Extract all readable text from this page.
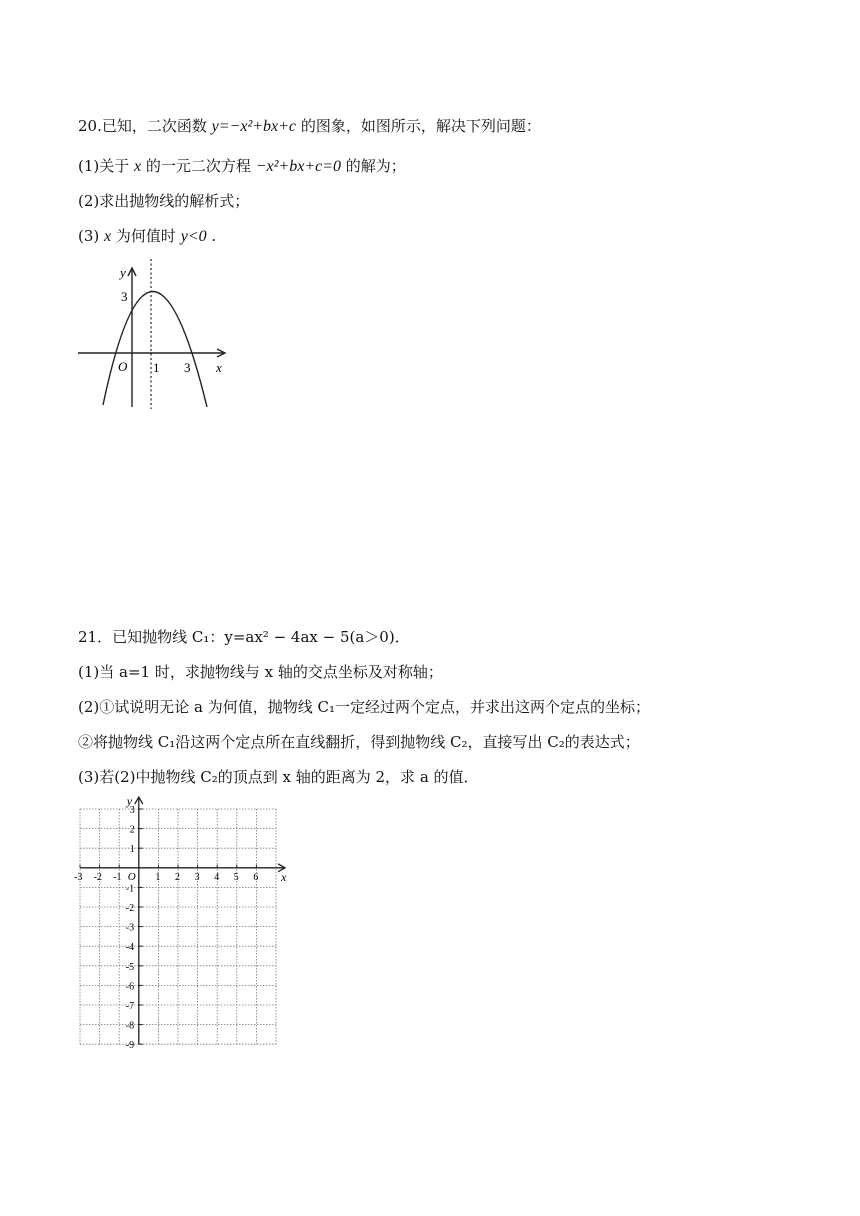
20.已知，二次函数 y=−x²+bx+c 的图象，如图所示，解决下列问题：
(1)关于 x 的一元二次方程 −x²+bx+c=0 的解为；
(2)求出抛物线的解析式；
(3) x 为何值时 y<0 .
y
3
O 1 3 x
21．已知抛物线 C₁：y=ax² − 4ax − 5(a＞0)．
(1)当 a=1 时，求抛物线与 x 轴的交点坐标及对称轴；
(2)①试说明无论 a 为何值，抛物线 C₁一定经过两个定点，并求出这两个定点的坐标；
②将抛物线 C₁沿这两个定点所在直线翻折，得到抛物线 C₂，直接写出 C₂的表达式；
(3)若(2)中抛物线 C₂的顶点到 x 轴的距离为 2，求 a 的值．
y
x
O
-3 -2 -1	1 2 3 4 5 6
3
2
1
-1
-2
-3
-4
-5
-6
-7
-8
-9
